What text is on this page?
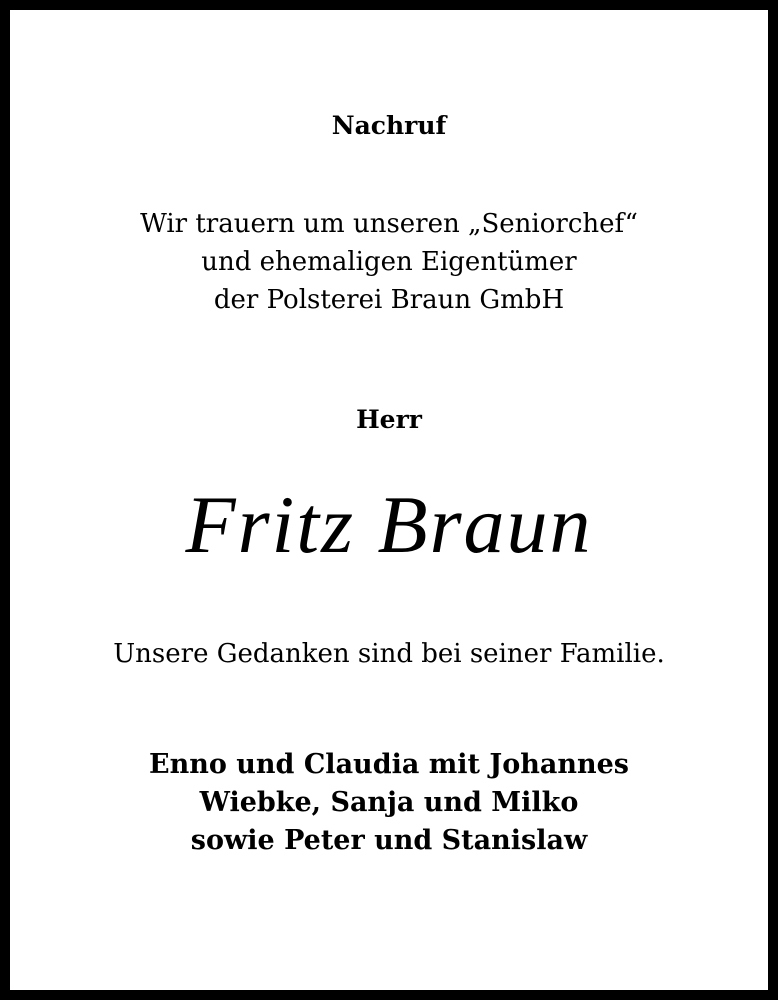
Nachruf
Wir trauern um unseren „Seniorchef“
und ehemaligen Eigentümer
der Polsterei Braun GmbH
Herr
Fritz Braun
Unsere Gedanken sind bei seiner Familie.
Enno und Claudia mit Johannes
Wiebke, Sanja und Milko
sowie Peter und Stanislaw
